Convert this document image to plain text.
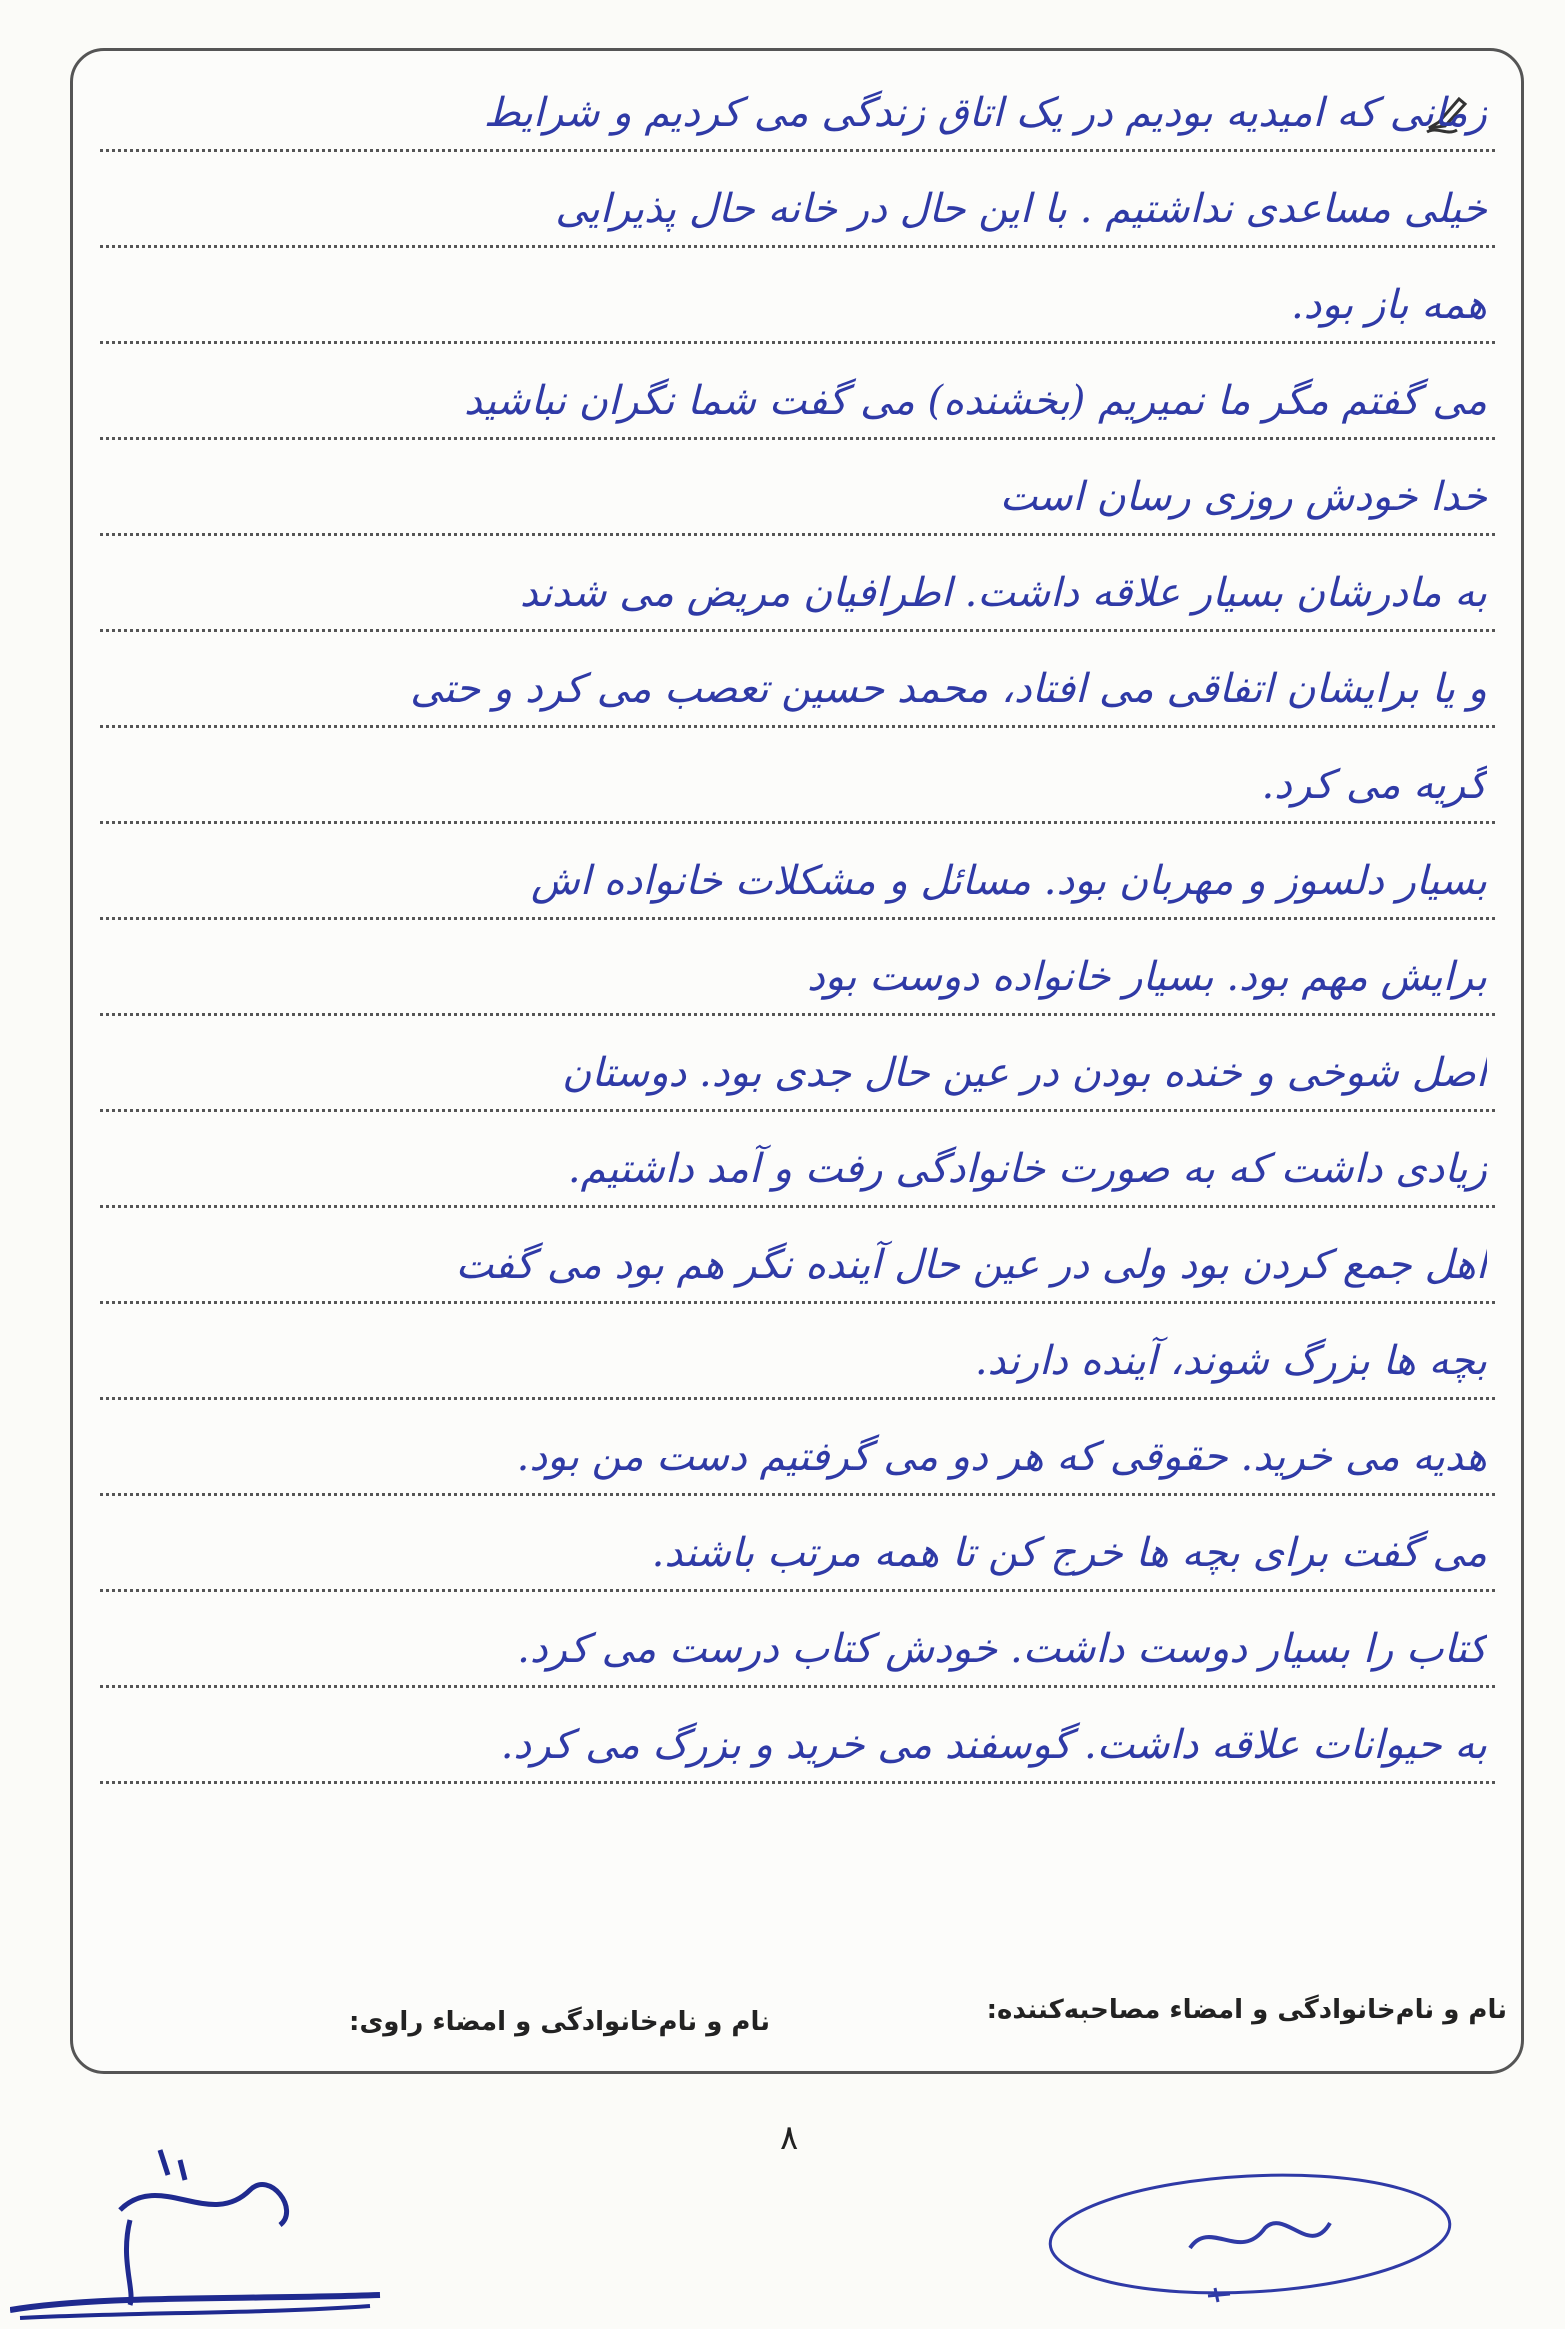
زمانی که امیدیه بودیم در یک اتاق زندگی می کردیم و شرایط
خیلی مساعدی نداشتیم . با این حال در خانه حال پذیرایی
همه باز بود.
می گفتم مگر ما نمیریم (بخشنده) می گفت شما نگران نباشید
خدا خودش روزی رسان است
به مادرشان بسیار علاقه داشت. اطرافیان مریض می شدند
و یا برایشان اتفاقی می افتاد، محمد حسین تعصب می کرد و حتی
گریه می کرد.
بسیار دلسوز و مهربان بود. مسائل و مشکلات خانواده اش
برایش مهم بود. بسیار خانواده دوست بود
اصل شوخی و خنده بودن در عین حال جدی بود. دوستان
زیادی داشت که به صورت خانوادگی رفت و آمد داشتیم.
اهل جمع کردن بود ولی در عین حال آینده نگر هم بود می گفت
بچه ها بزرگ شوند، آینده دارند.
هدیه می خرید. حقوقی که هر دو می گرفتیم دست من بود.
می گفت برای بچه ها خرج کن تا همه مرتب باشند.
کتاب را بسیار دوست داشت. خودش کتاب درست می کرد.
به حیوانات علاقه داشت. گوسفند می خرید و بزرگ می کرد.
نام و نام‌خانوادگی و امضاء مصاحبه‌کننده:
نام و نام‌خانوادگی و امضاء راوی:
۸
